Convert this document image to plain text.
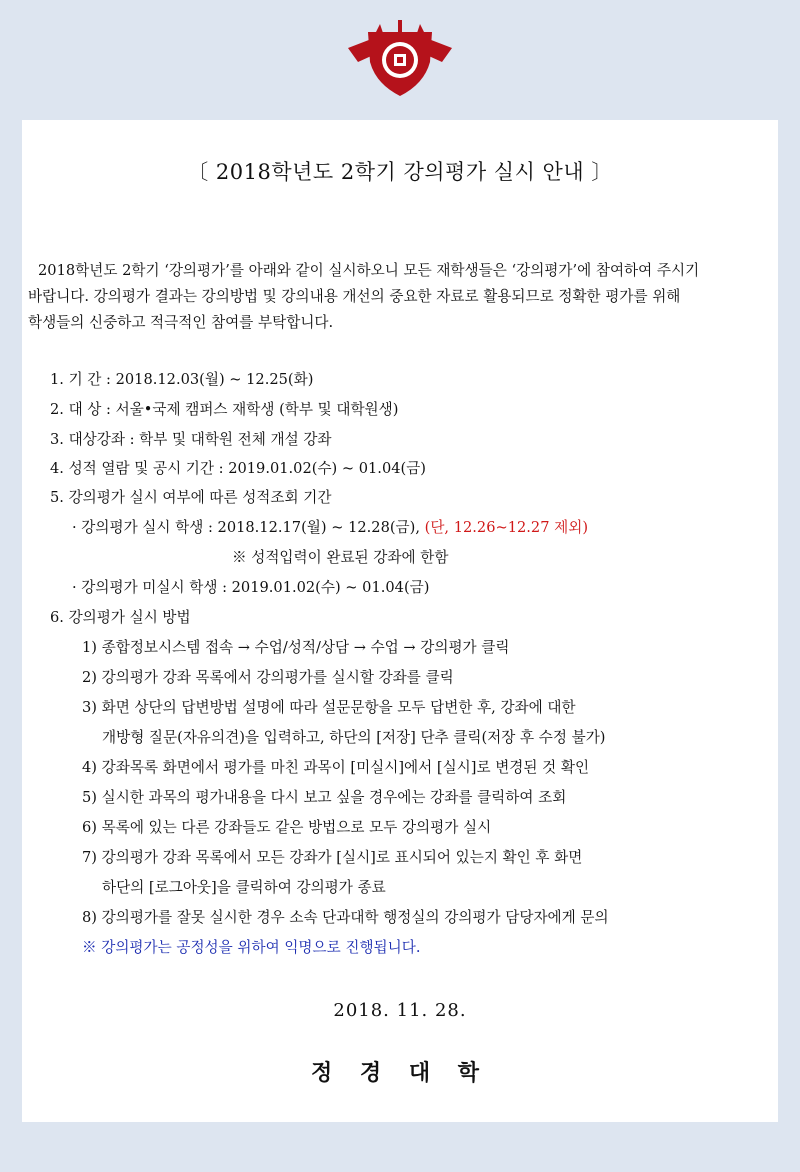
〔 2018학년도 2학기 강의평가 실시 안내 〕

2018학년도 2학기 ‘강의평가’를 아래와 같이 실시하오니 모든 재학생들은 ‘강의평가’에 참여하여 주시기

바랍니다. 강의평가 결과는 강의방법 및 강의내용 개선의 중요한 자료로 활용되므로 정확한 평가를 위해

학생들의 신중하고 적극적인 참여를 부탁합니다.

1. 기 간 : 2018.12.03(월) ~ 12.25(화)
2. 대 상 : 서울•국제 캠퍼스 재학생 (학부 및 대학원생)
3. 대상강좌 : 학부 및 대학원 전체 개설 강좌
4. 성적 열람 및 공시 기간 : 2019.01.02(수) ~ 01.04(금)
5. 강의평가 실시 여부에 따른 성적조회 기간
· 강의평가 실시 학생 : 2018.12.17(월) ~ 12.28(금), (단, 12.26~12.27 제외)
※ 성적입력이 완료된 강좌에 한함
· 강의평가 미실시 학생 : 2019.01.02(수) ~ 01.04(금)
6. 강의평가 실시 방법
1) 종합정보시스템 접속 → 수업/성적/상담 → 수업 → 강의평가 클릭
2) 강의평가 강좌 목록에서 강의평가를 실시할 강좌를 클릭
3) 화면 상단의 답변방법 설명에 따라 설문문항을 모두 답변한 후, 강좌에 대한
개방형 질문(자유의견)을 입력하고, 하단의 [저장] 단추 클릭(저장 후 수정 불가)
4) 강좌목록 화면에서 평가를 마친 과목이 [미실시]에서 [실시]로 변경된 것 확인
5) 실시한 과목의 평가내용을 다시 보고 싶을 경우에는 강좌를 클릭하여 조회
6) 목록에 있는 다른 강좌들도 같은 방법으로 모두 강의평가 실시
7) 강의평가 강좌 목록에서 모든 강좌가 [실시]로 표시되어 있는지 확인 후 화면
하단의 [로그아웃]을 클릭하여 강의평가 종료
8) 강의평가를 잘못 실시한 경우 소속 단과대학 행정실의 강의평가 담당자에게 문의
※ 강의평가는 공정성을 위하여 익명으로 진행됩니다.
2018. 11. 28.
정 경 대 학
